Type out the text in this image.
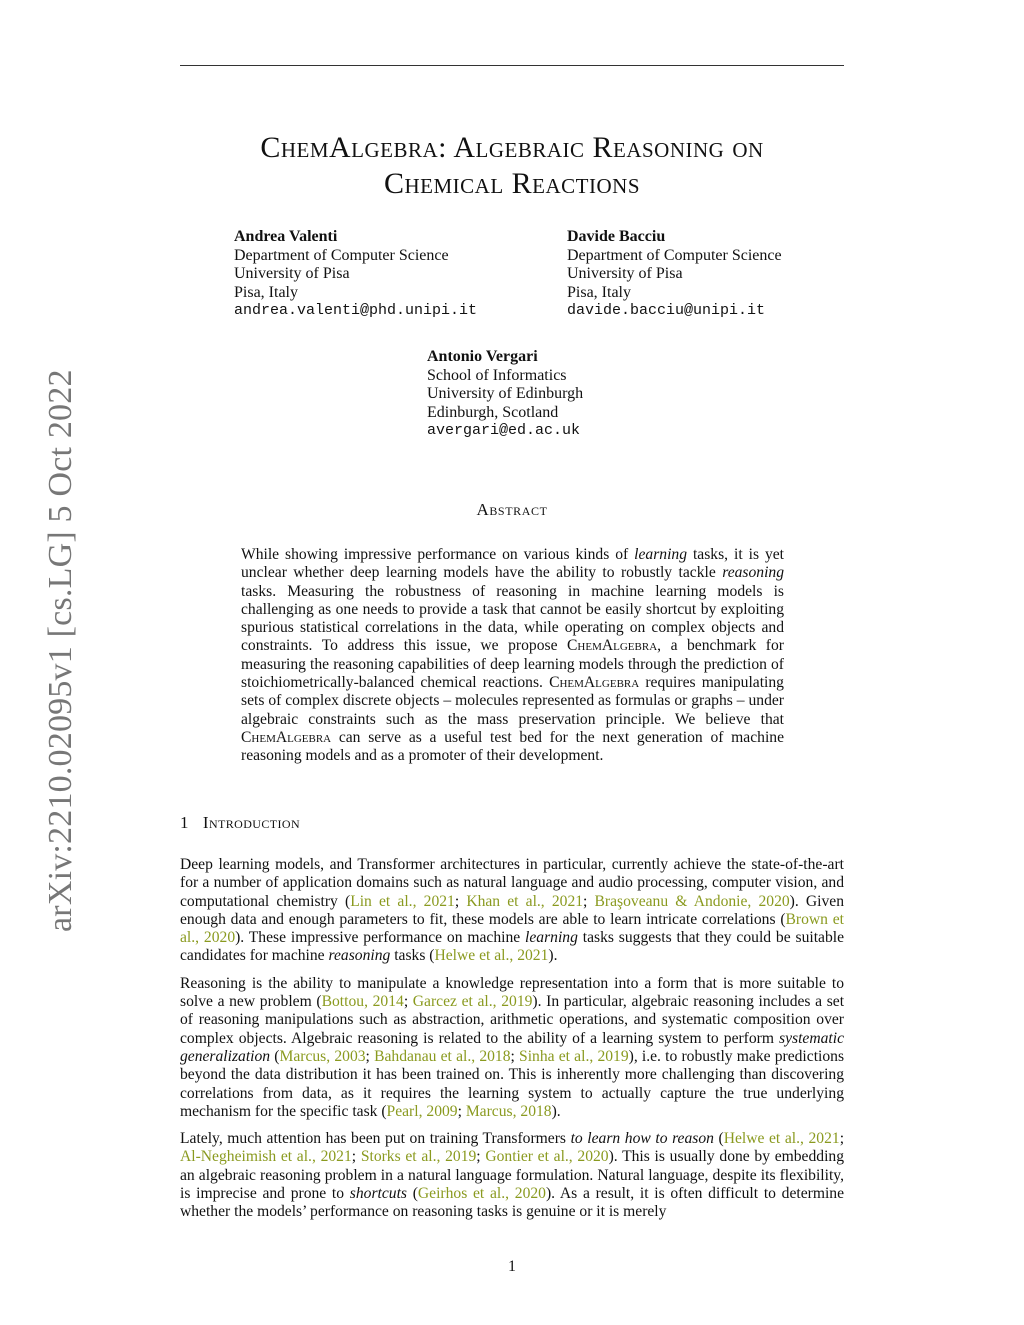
arXiv:2210.02095v1 [cs.LG] 5 Oct 2022
ChemAlgebra: Algebraic Reasoning on
Chemical Reactions
Andrea Valenti
Department of Computer Science
University of Pisa
Pisa, Italy
andrea.valenti@phd.unipi.it
Davide Bacciu
Department of Computer Science
University of Pisa
Pisa, Italy
davide.bacciu@unipi.it
Antonio Vergari
School of Informatics
University of Edinburgh
Edinburgh, Scotland
avergari@ed.ac.uk
Abstract
While showing impressive performance on various kinds of learning tasks, it is yet unclear whether deep learning models have the ability to robustly tackle reasoning tasks. Measuring the robustness of reasoning in machine learning models is challenging as one needs to provide a task that cannot be easily shortcut by exploiting spurious statistical correlations in the data, while operating on complex objects and constraints. To address this issue, we propose ChemAlgebra, a benchmark for measuring the reasoning capabilities of deep learning models through the prediction of stoichiometrically-balanced chemical reactions. ChemAlgebra requires manipulating sets of complex discrete objects – molecules represented as formulas or graphs – under algebraic constraints such as the mass preservation principle. We believe that ChemAlgebra can serve as a useful test bed for the next generation of machine reasoning models and as a promoter of their development.
1 Introduction

Deep learning models, and Transformer architectures in particular, currently achieve the state-of-the-art for a number of application domains such as natural language and audio processing, computer vision, and computational chemistry (Lin et al., 2021; Khan et al., 2021; Braşoveanu & Andonie, 2020). Given enough data and enough parameters to fit, these models are able to learn intricate correlations (Brown et al., 2020). These impressive performance on machine learning tasks suggests that they could be suitable candidates for machine reasoning tasks (Helwe et al., 2021).

Reasoning is the ability to manipulate a knowledge representation into a form that is more suitable to solve a new problem (Bottou, 2014; Garcez et al., 2019). In particular, algebraic reasoning includes a set of reasoning manipulations such as abstraction, arithmetic operations, and systematic composition over complex objects. Algebraic reasoning is related to the ability of a learning system to perform systematic generalization (Marcus, 2003; Bahdanau et al., 2018; Sinha et al., 2019), i.e. to robustly make predictions beyond the data distribution it has been trained on. This is inherently more challenging than discovering correlations from data, as it requires the learning system to actually capture the true underlying mechanism for the specific task (Pearl, 2009; Marcus, 2018).

Lately, much attention has been put on training Transformers to learn how to reason (Helwe et al., 2021; Al-Negheimish et al., 2021; Storks et al., 2019; Gontier et al., 2020). This is usually done by embedding an algebraic reasoning problem in a natural language formulation. Natural language, despite its flexibility, is imprecise and prone to shortcuts (Geirhos et al., 2020). As a result, it is often difficult to determine whether the models’ performance on reasoning tasks is genuine or it is merely

1
